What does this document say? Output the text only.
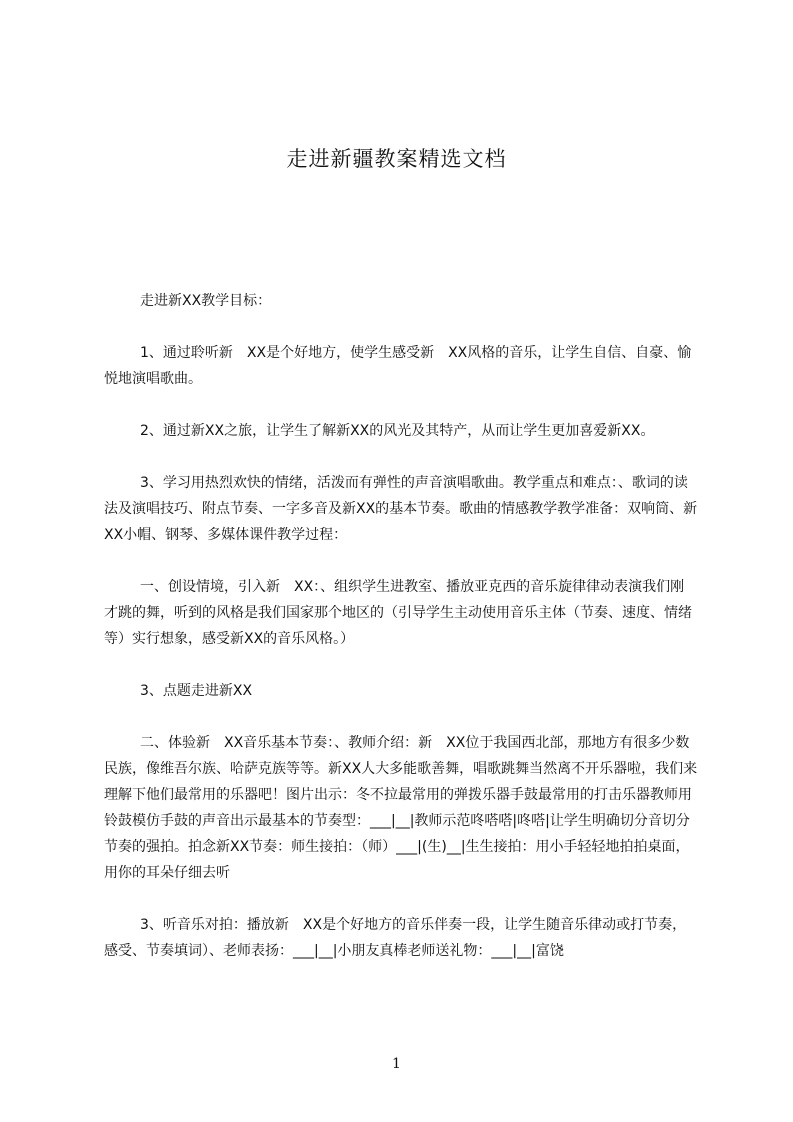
走进新疆教案精选文档

走进新XX教学目标：

1、通过聆听新　XX是个好地方，使学生感受新　XX风格的音乐，让学生自信、自豪、愉悦地演唱歌曲。

2、通过新XX之旅，让学生了解新XX的风光及其特产，从而让学生更加喜爱新XX。

3、学习用热烈欢快的情绪，活泼而有弹性的声音演唱歌曲。教学重点和难点：、歌词的读法及演唱技巧、附点节奏、一字多音及新XX的基本节奏。歌曲的情感教学教学准备：双响筒、新XX小帽、钢琴、多媒体课件教学过程：

一、创设情境，引入新　XX：、组织学生进教室、播放亚克西的音乐旋律律动表演我们刚才跳的舞，听到的风格是我们国家那个地区的（引导学生主动使用音乐主体（节奏、速度、情绪等）实行想象，感受新XX的音乐风格。）

3、点题走进新XX

二、体验新　XX音乐基本节奏：、教师介绍：新　XX位于我国西北部，那地方有很多少数民族，像维吾尔族、哈萨克族等等。新XX人大多能歌善舞，唱歌跳舞当然离不开乐器啦，我们来理解下他们最常用的乐器吧！图片出示：冬不拉最常用的弹拨乐器手鼓最常用的打击乐器教师用铃鼓模仿手鼓的声音出示最基本的节奏型：___|__|教师示范咚嗒嗒|咚嗒|让学生明确切分音切分节奏的强拍。拍念新XX节奏：师生接拍：（师）___|(生)__|生生接拍：用小手轻轻地拍拍桌面，用你的耳朵仔细去听

3、听音乐对拍：播放新　XX是个好地方的音乐伴奏一段，让学生随音乐律动或打节奏，感受、节奏填词）、老师表扬：___|__|小朋友真棒老师送礼物：___|__|富饶

1
